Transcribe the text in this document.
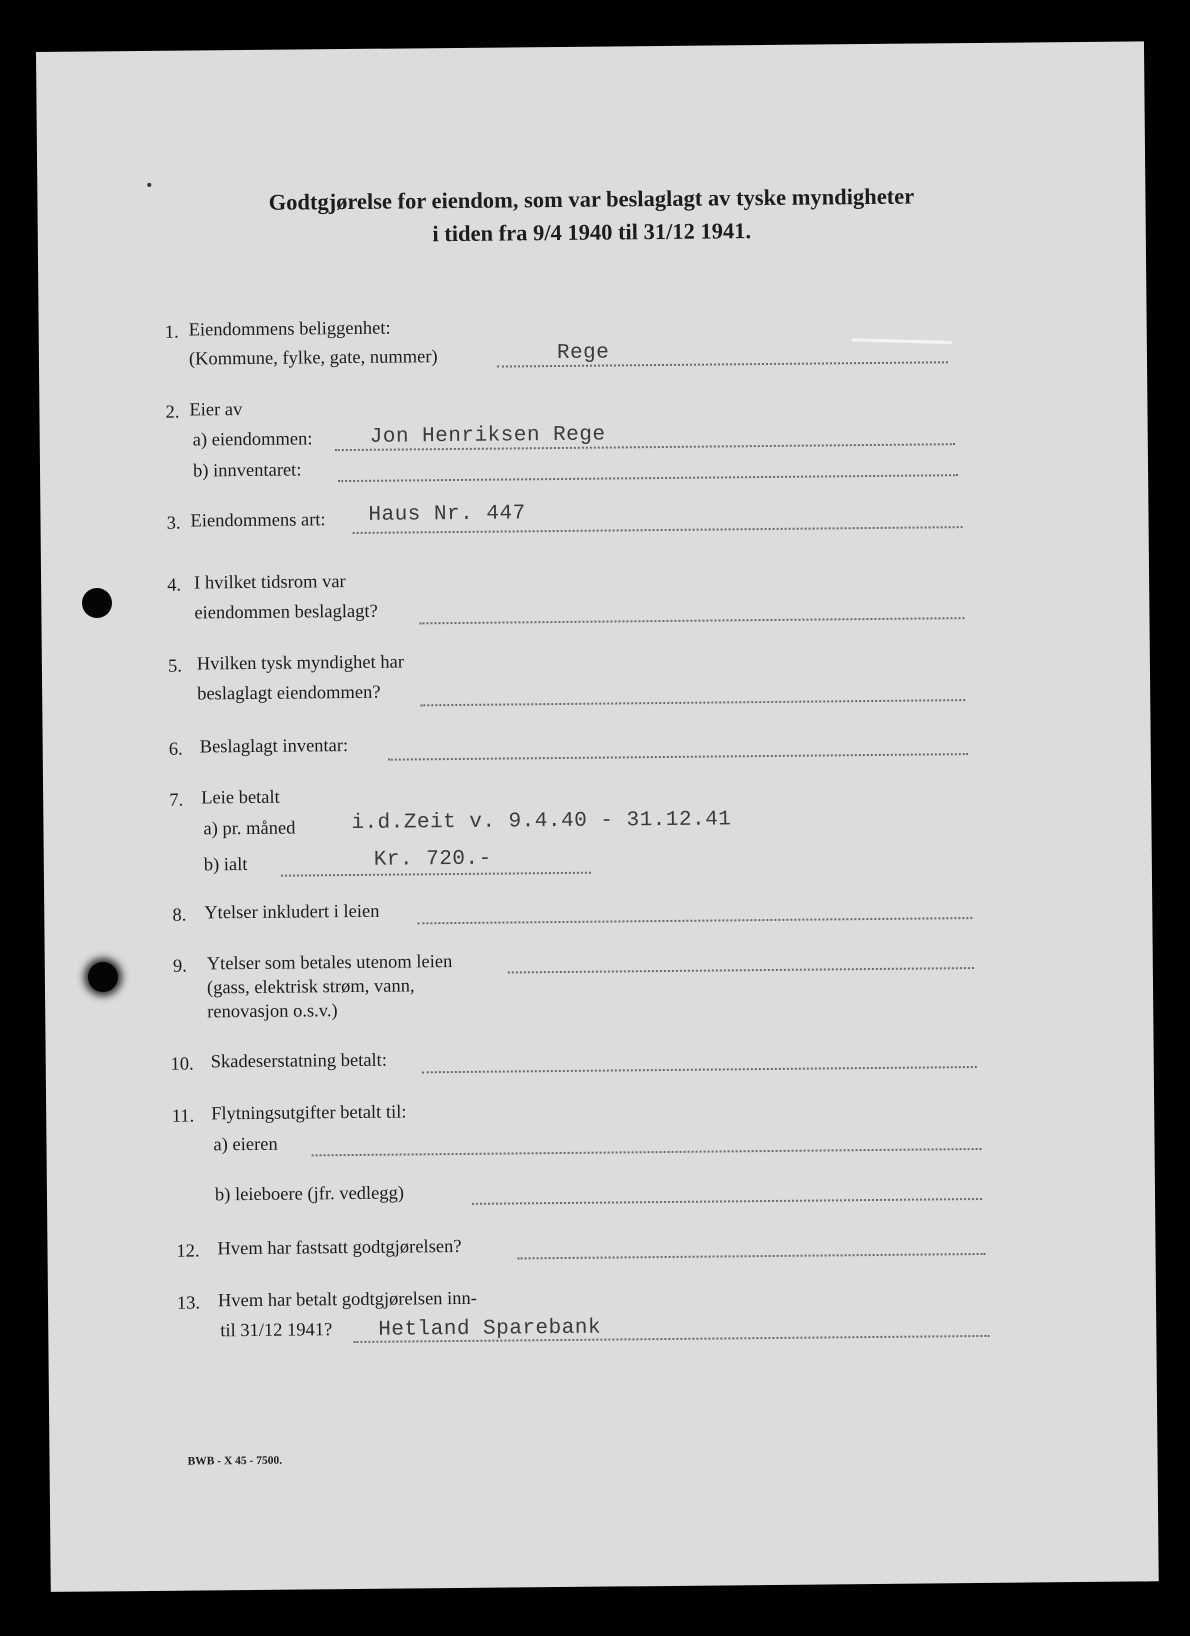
Godtgjørelse for eiendom, som var beslaglagt av tyske myndigheter
i tiden fra 9/4 1940 til 31/12 1941.
1. Eiendommens beliggenhet:
(Kommune, fylke, gate, nummer)	Rege
2. Eier av
a) eiendommen:	Jon Henriksen Rege
b) innventaret:
3. Eiendommens art: Haus Nr. 447
4. I hvilket tidsrom var
eiendommen beslaglagt?
5. Hvilken tysk myndighet har
beslaglagt eiendommen?
6. Beslaglagt inventar:
7. Leie betalt
a) pr. måned	i.d.Zeit v. 9.4.40 - 31.12.41
b) ialt	Kr. 720.-
8. Ytelser inkludert i leien
9. Ytelser som betales utenom leien
(gass, elektrisk strøm, vann,
renovasjon o.s.v.)
10. Skadeserstatning betalt:
11. Flytningsutgifter betalt til:
a) eieren
b) leieboere (jfr. vedlegg)
12. Hvem har fastsatt godtgjørelsen?
13. Hvem har betalt godtgjørelsen inn-
til 31/12 1941? Hetland Sparebank
BWB - X 45 - 7500.
